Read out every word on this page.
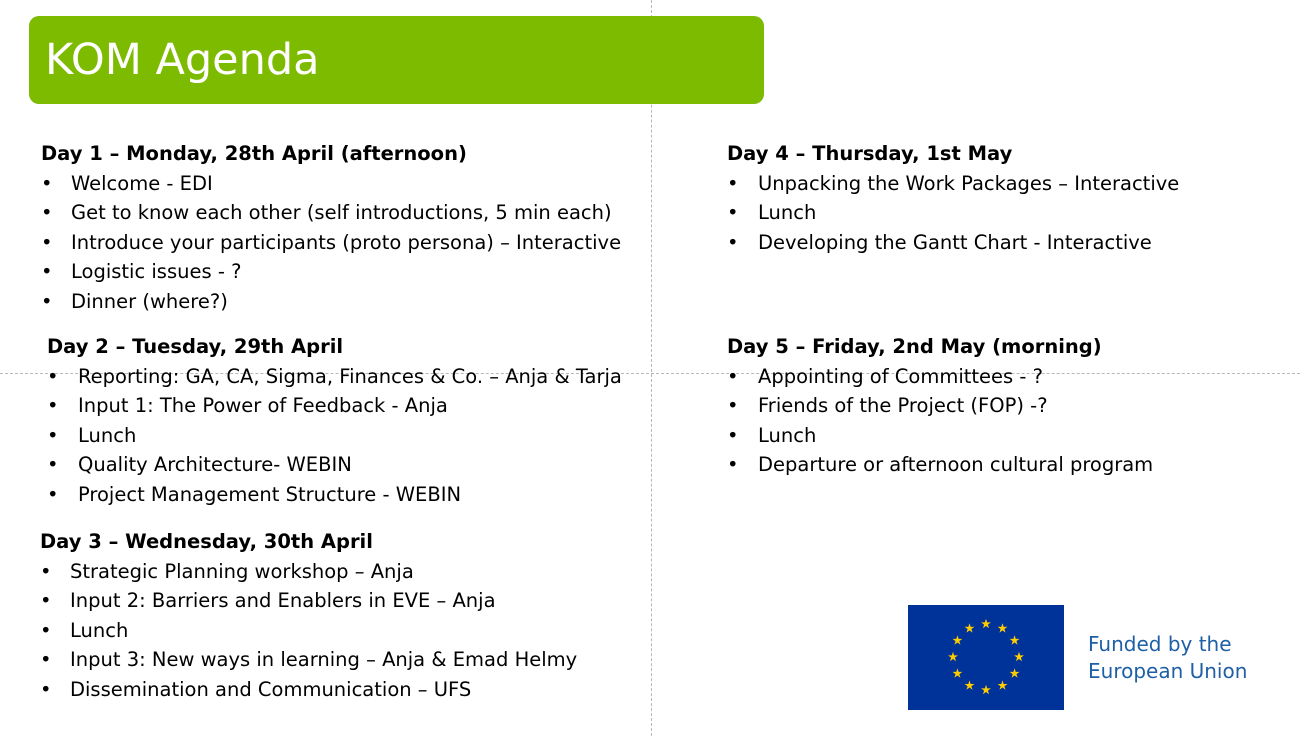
KOM Agenda
Day 1 – Monday, 28th April (afternoon)
• Welcome - EDI
• Get to know each other (self introductions, 5 min each)
• Introduce your participants (proto persona) – Interactive
• Logistic issues - ?
• Dinner (where?)
Day 2 – Tuesday, 29th April
• Reporting: GA, CA, Sigma, Finances & Co. – Anja & Tarja
• Input 1: The Power of Feedback - Anja
• Lunch
• Quality Architecture- WEBIN
• Project Management Structure - WEBIN
Day 3 – Wednesday, 30th April
• Strategic Planning workshop – Anja
• Input 2: Barriers and Enablers in EVE – Anja
• Lunch
• Input 3: New ways in learning – Anja & Emad Helmy
• Dissemination and Communication – UFS
Day 4 – Thursday, 1st May
• Unpacking the Work Packages – Interactive
• Lunch
• Developing the Gantt Chart - Interactive
Day 5 – Friday, 2nd May (morning)
• Appointing of Committees - ?
• Friends of the Project (FOP) -?
• Lunch
• Departure or afternoon cultural program
Funded by the
European Union
